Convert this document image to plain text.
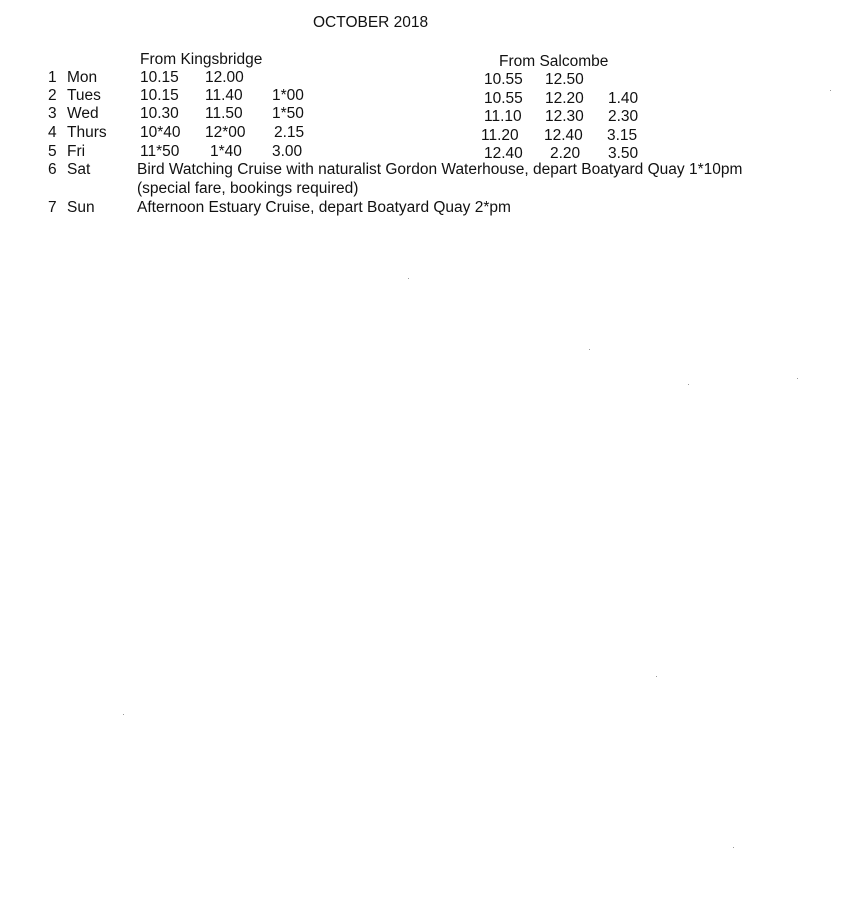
OCTOBER 2018
From Kingsbridge	From Salcombe
1 Mon	10.15 12.00	10.55 12.50
2 Tues	10.15 11.40 1*00	10.55 12.20 1.40
3 Wed	10.30 11.50 1*50	11.10 12.30 2.30
4 Thurs 10*40 12*00 2.15	11.20 12.40 3.15
5 Fri	11*50 1*40 3.00	12.40 2.20 3.50
6 Sat	Bird Watching Cruise with naturalist Gordon Waterhouse, depart Boatyard Quay 1*10pm
(special fare, bookings required)
7 Sun	Afternoon Estuary Cruise, depart Boatyard Quay 2*pm
